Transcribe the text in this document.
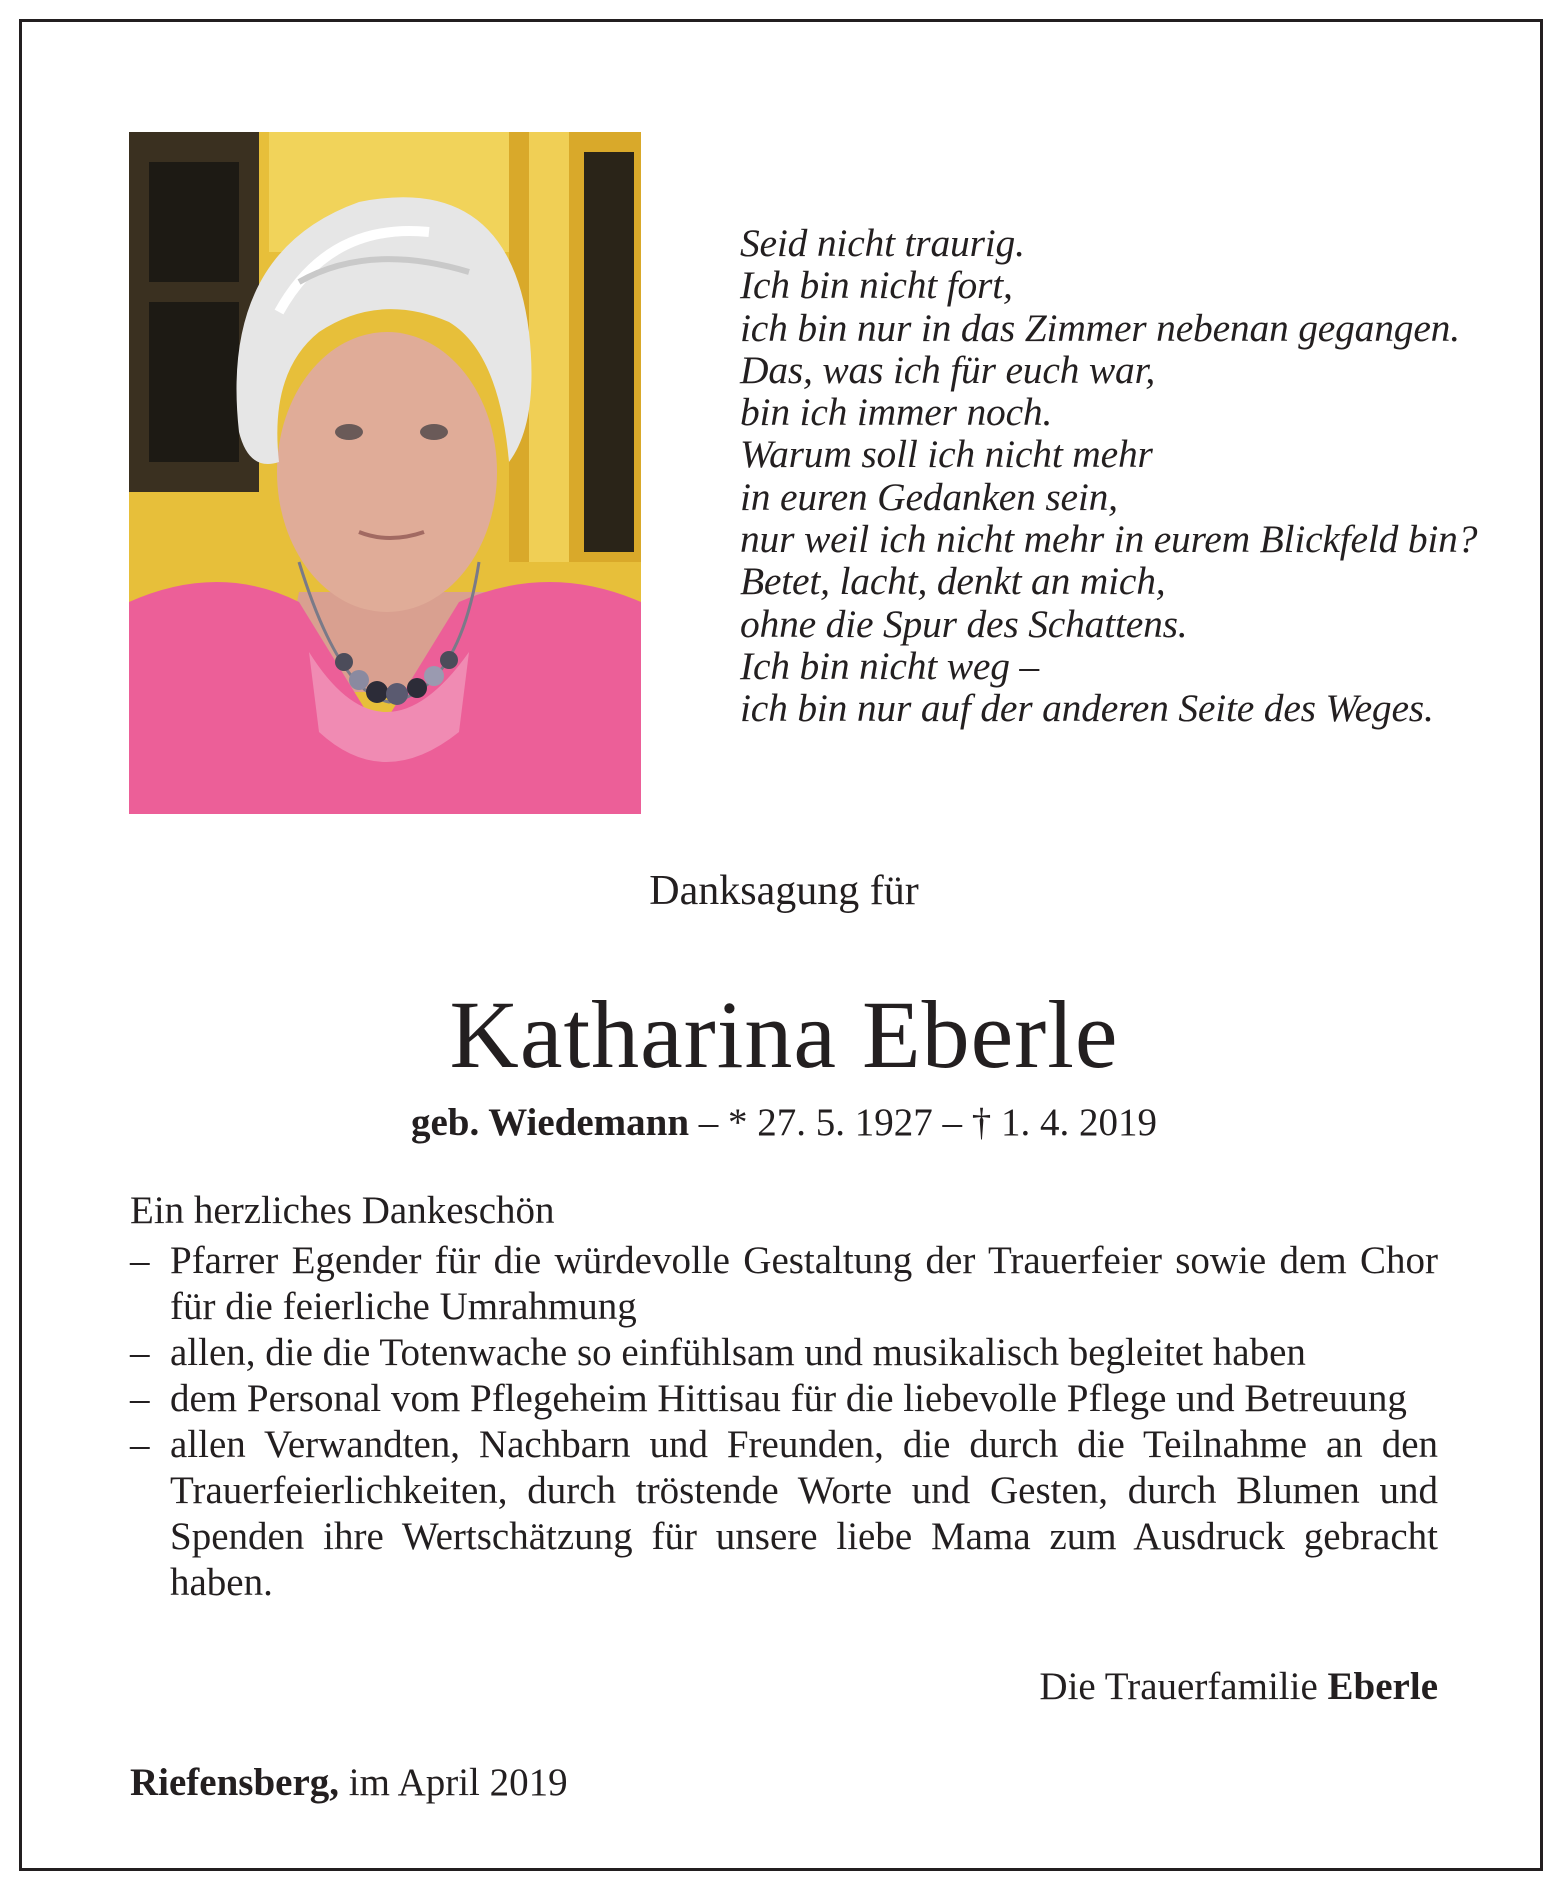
Seid nicht traurig.
Ich bin nicht fort,
ich bin nur in das Zimmer nebenan gegangen.
Das, was ich für euch war,
bin ich immer noch.
Warum soll ich nicht mehr
in euren Gedanken sein,
nur weil ich nicht mehr in eurem Blickfeld bin?
Betet, lacht, denkt an mich,
ohne die Spur des Schattens.
Ich bin nicht weg –
ich bin nur auf der anderen Seite des Weges.
Danksagung für
Katharina Eberle
geb. Wiedemann – * 27. 5. 1927 – † 1. 4. 2019
Ein herzliches Dankeschön
– Pfarrer Egender für die würdevolle Gestaltung der Trauerfeier sowie dem Chor für die feierliche Umrahmung
– allen, die die Totenwache so einfühlsam und musikalisch begleitet haben
– dem Personal vom Pflegeheim Hittisau für die liebevolle Pflege und Betreuung
– allen Verwandten, Nachbarn und Freunden, die durch die Teilnahme an den Trauerfeierlichkeiten, durch tröstende Worte und Gesten, durch Blumen und Spenden ihre Wertschätzung für unsere liebe Mama zum Ausdruck gebracht haben.
Die Trauerfamilie Eberle
Riefensberg, im April 2019
